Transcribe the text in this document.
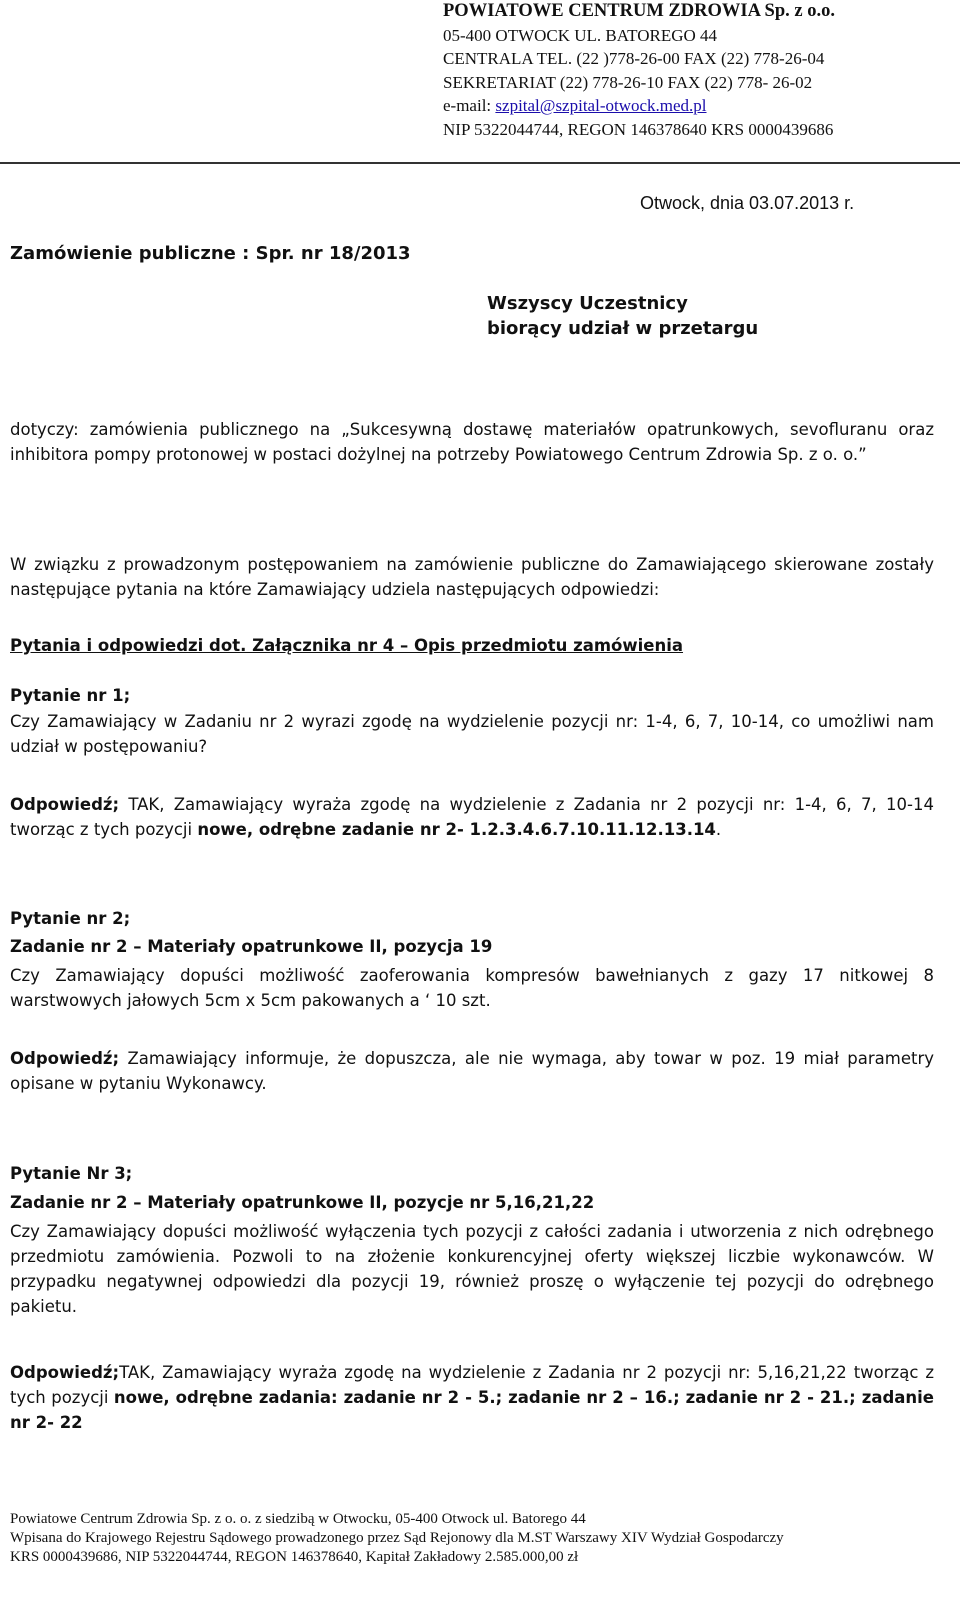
POWIATOWE CENTRUM ZDROWIA Sp. z o.o.
05-400 OTWOCK UL. BATOREGO 44
CENTRALA TEL. (22 )778-26-00 FAX (22) 778-26-04
SEKRETARIAT (22) 778-26-10 FAX (22) 778- 26-02
e-mail: szpital@szpital-otwock.med.pl
NIP 5322044744, REGON 146378640 KRS 0000439686
Otwock, dnia 03.07.2013 r.
Zamówienie publiczne : Spr. nr 18/2013
Wszyscy Uczestnicy
biorący udział w przetargu
dotyczy: zamówienia publicznego na „Sukcesywną dostawę materiałów opatrunkowych, sevofluranu oraz inhibitora pompy protonowej w postaci dożylnej na potrzeby Powiatowego Centrum Zdrowia Sp. z o. o.”
W związku z prowadzonym postępowaniem na zamówienie publiczne do Zamawiającego skierowane zostały następujące pytania na które Zamawiający udziela następujących odpowiedzi:
Pytania i odpowiedzi dot. Załącznika nr 4 – Opis przedmiotu zamówienia
Pytanie nr 1;
Czy Zamawiający w Zadaniu nr 2 wyrazi zgodę na wydzielenie pozycji nr: 1-4, 6, 7, 10-14, co umożliwi nam udział w postępowaniu?
Odpowiedź; TAK, Zamawiający wyraża zgodę na wydzielenie z Zadania nr 2 pozycji nr: 1-4, 6, 7, 10-14 tworząc z tych pozycji nowe, odrębne zadanie nr 2- 1.2.3.4.6.7.10.11.12.13.14.
Pytanie nr 2;
Zadanie nr 2 – Materiały opatrunkowe II, pozycja 19
Czy Zamawiający dopuści możliwość zaoferowania kompresów bawełnianych z gazy 17 nitkowej 8 warstwowych jałowych 5cm x 5cm pakowanych a ‘ 10 szt.
Odpowiedź; Zamawiający informuje, że dopuszcza, ale nie wymaga, aby towar w poz. 19 miał parametry opisane w pytaniu Wykonawcy.
Pytanie Nr 3;
Zadanie nr 2 – Materiały opatrunkowe II, pozycje nr 5,16,21,22
Czy Zamawiający dopuści możliwość wyłączenia tych pozycji z całości zadania i utworzenia z nich odrębnego przedmiotu zamówienia. Pozwoli to na złożenie konkurencyjnej oferty większej liczbie wykonawców. W przypadku negatywnej odpowiedzi dla pozycji 19, również proszę o wyłączenie tej pozycji do odrębnego pakietu.
Odpowiedź;TAK, Zamawiający wyraża zgodę na wydzielenie z Zadania nr 2 pozycji nr: 5,16,21,22 tworząc z tych pozycji nowe, odrębne zadania: zadanie nr 2 - 5.; zadanie nr 2 – 16.; zadanie nr 2 - 21.; zadanie nr 2- 22
Powiatowe Centrum Zdrowia Sp. z o. o. z siedzibą w Otwocku, 05-400 Otwock ul. Batorego 44
Wpisana do Krajowego Rejestru Sądowego prowadzonego przez Sąd Rejonowy dla M.ST Warszawy XIV Wydział Gospodarczy
KRS 0000439686, NIP 5322044744, REGON 146378640, Kapitał Zakładowy 2.585.000,00 zł
